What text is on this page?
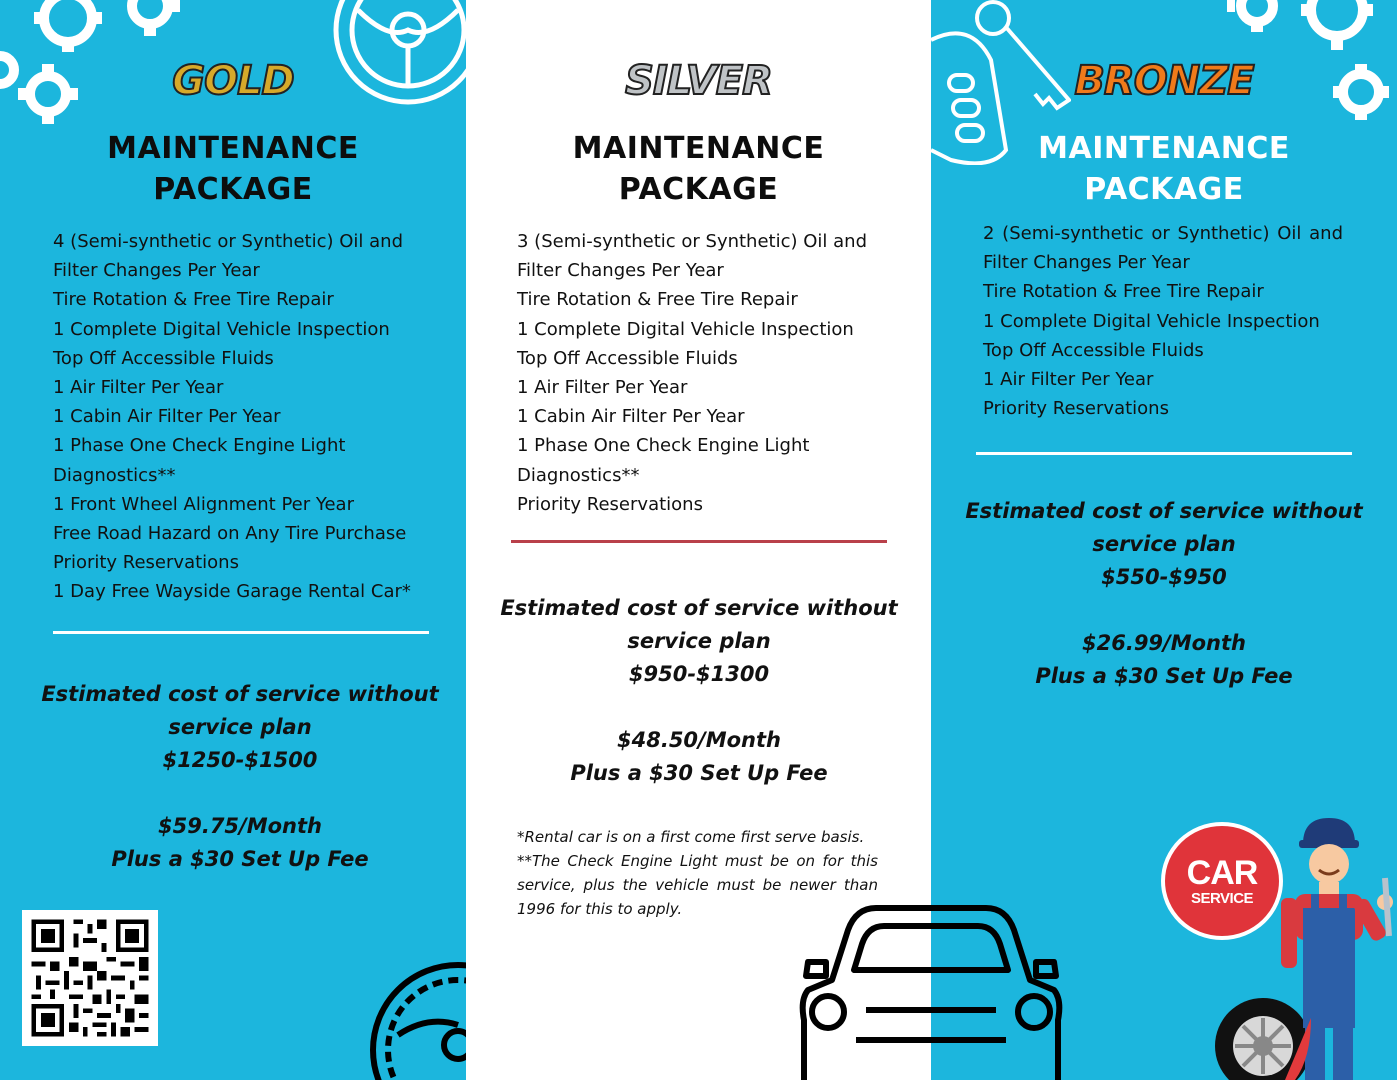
GOLD
MAINTENANCE
PACKAGE
4 (Semi-synthetic or Synthetic) Oil and Filter Changes Per Year
Tire Rotation & Free Tire Repair
1 Complete Digital Vehicle Inspection
Top Off Accessible Fluids
1 Air Filter Per Year
1 Cabin Air Filter Per Year
1 Phase One Check Engine Light Diagnostics**
1 Front Wheel Alignment Per Year
Free Road Hazard on Any Tire Purchase
Priority Reservations
1 Day Free Wayside Garage Rental Car*
Estimated cost of service without
service plan
$1250-$1500
$59.75/Month
Plus a $30 Set Up Fee
SILVER
MAINTENANCE
PACKAGE
3 (Semi-synthetic or Synthetic) Oil and Filter Changes Per Year
Tire Rotation & Free Tire Repair
1 Complete Digital Vehicle Inspection
Top Off Accessible Fluids
1 Air Filter Per Year
1 Cabin Air Filter Per Year
1 Phase One Check Engine Light Diagnostics**
Priority Reservations
Estimated cost of service without
service plan
$950-$1300
$48.50/Month
Plus a $30 Set Up Fee

*Rental car is on a first come first serve basis.

**The Check Engine Light must be on for this service, plus the vehicle must be newer than 1996 for this to apply.

BRONZE
MAINTENANCE
PACKAGE
2 (Semi-synthetic or Synthetic) Oil and Filter Changes Per Year
Tire Rotation & Free Tire Repair
1 Complete Digital Vehicle Inspection
Top Off Accessible Fluids
1 Air Filter Per Year
Priority Reservations
Estimated cost of service without
service plan
$550-$950
$26.99/Month
Plus a $30 Set Up Fee
CAR
SERVICE
